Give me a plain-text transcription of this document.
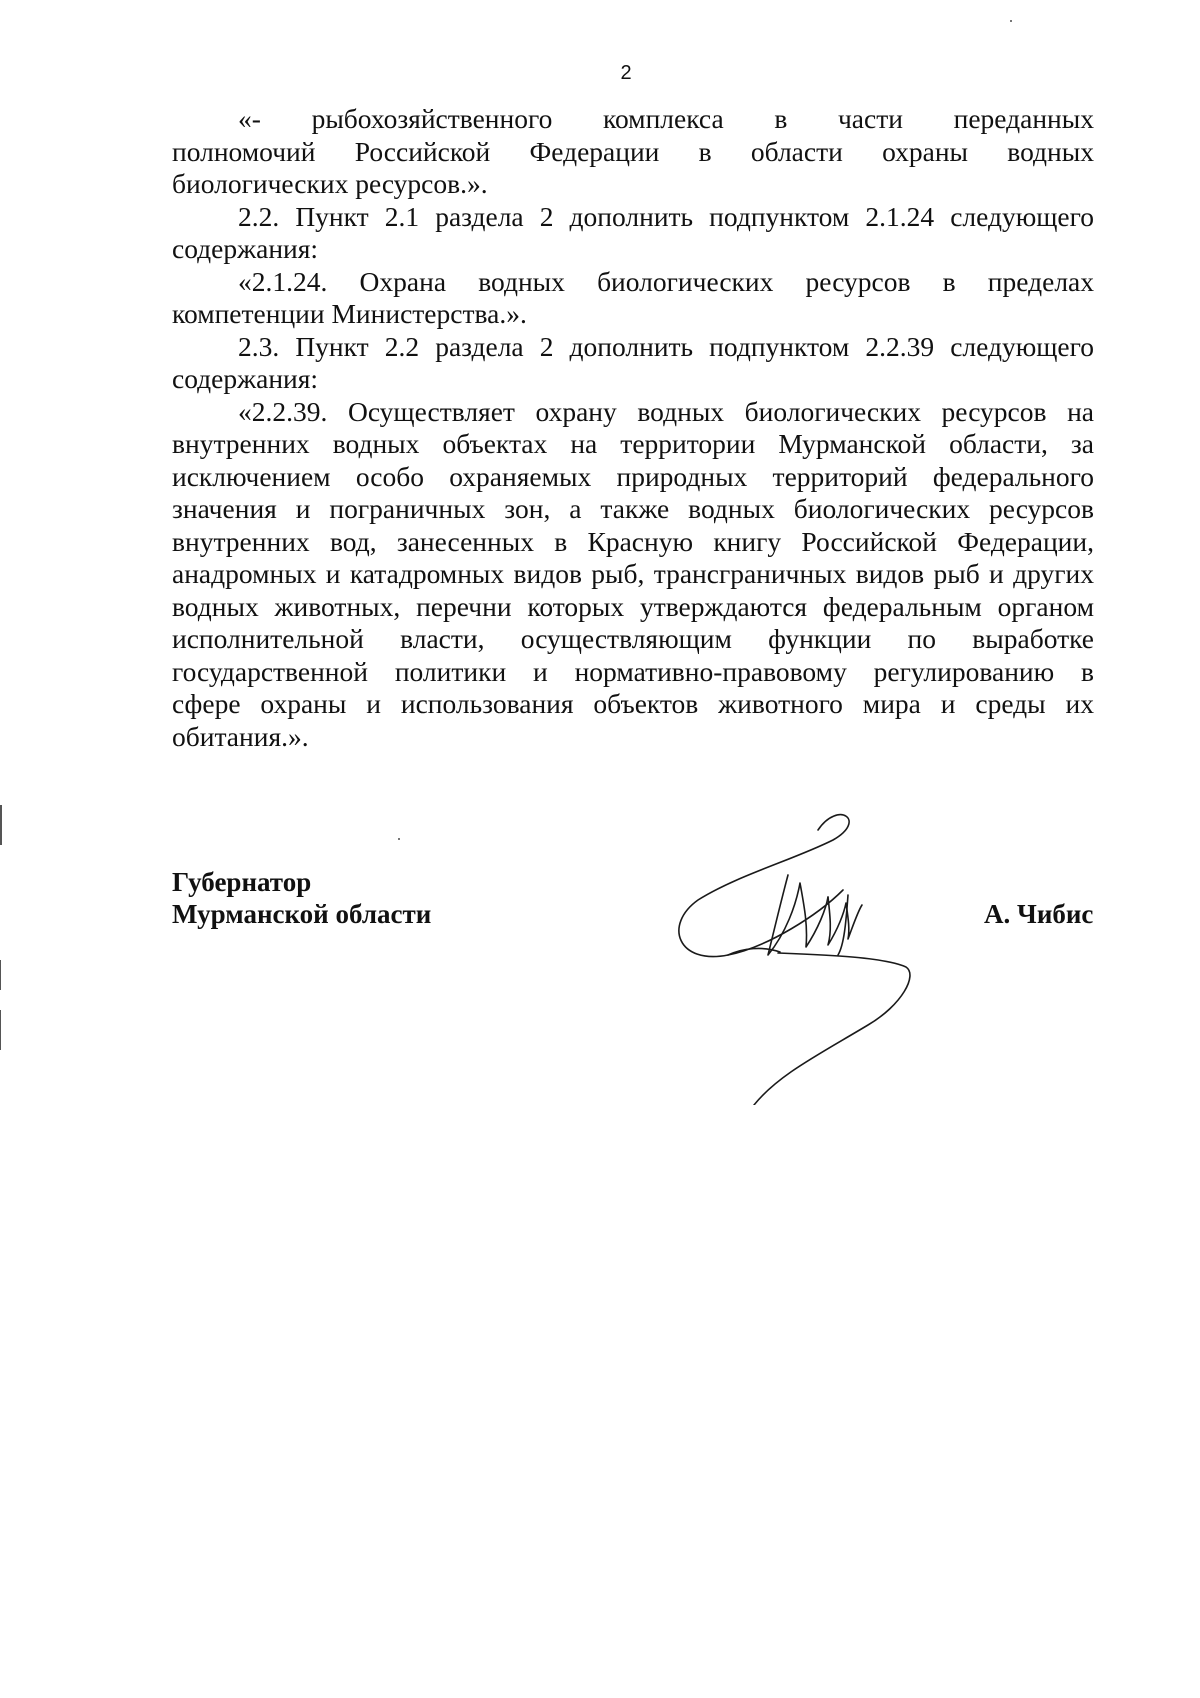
2

«- рыбохозяйственного комплекса в части переданных
полномочий Российской Федерации в области охраны водных
биологических ресурсов.».

2.2. Пункт 2.1 раздела 2 дополнить подпунктом 2.1.24 следующего
содержания:

«2.1.24. Охрана водных биологических ресурсов в пределах
компетенции Министерства.».

2.3. Пункт 2.2 раздела 2 дополнить подпунктом 2.2.39 следующего
содержания:

«2.2.39. Осуществляет охрану водных биологических ресурсов на
внутренних водных объектах на территории Мурманской области, за
исключением особо охраняемых природных территорий федерального
значения и пограничных зон, а также водных биологических ресурсов
внутренних вод, занесенных в Красную книгу Российской Федерации,
анадромных и катадромных видов рыб, трансграничных видов рыб и других
водных животных, перечни которых утверждаются федеральным органом
исполнительной власти, осуществляющим функции по выработке
государственной политики и нормативно-правовому регулированию в
сфере охраны и использования объектов животного мира и среды их
обитания.».

Губернатор
Мурманской области	А. Чибис
